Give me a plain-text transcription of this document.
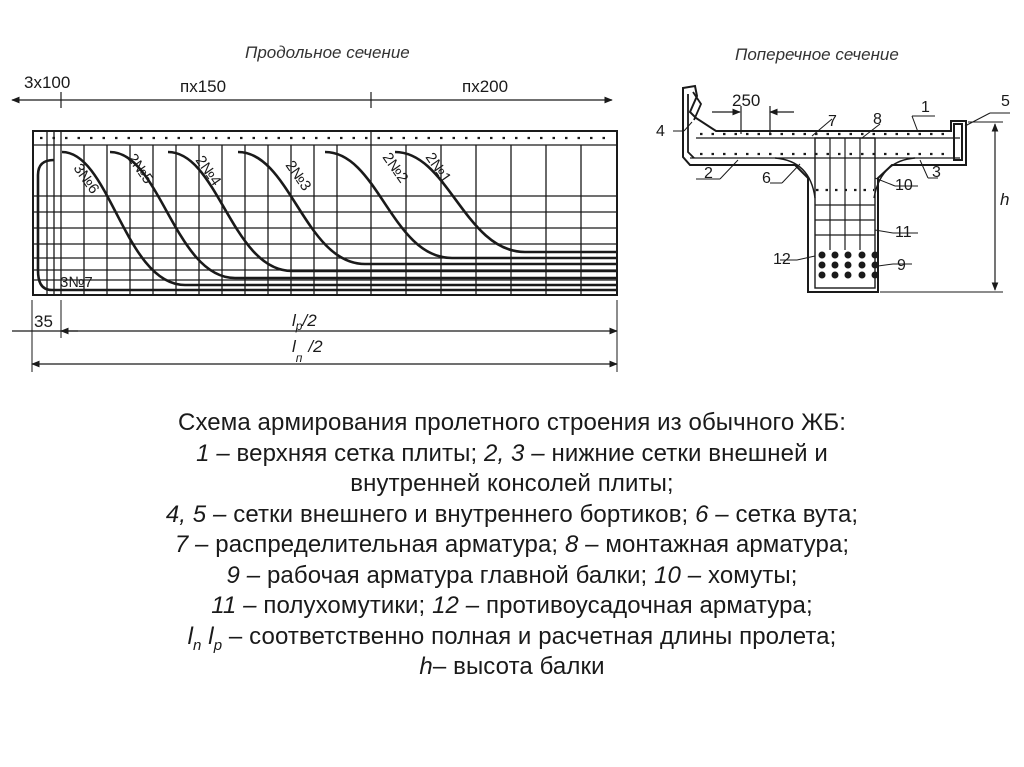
Продольное сечение
3x100	пх150	пх200
3№6 2№5 2№4	2№3	2№2 2№1
3№7
35	$l_p/2$
$l_п/2$
Поперечное сечение
250
h
1
2	3
4
5
6
7 8
9
10
11
12
Схема армирования пролетного строения из обычного ЖБ:
1 – верхняя сетка плиты; 2, 3 – нижние сетки внешней и
внутренней консолей плиты;
4, 5 – сетки внешнего и внутреннего бортиков; 6 – сетка вута;
7 – распределительная арматура; 8 – монтажная арматура;
9 – рабочая арматура главной балки; 10 – хомуты;
11 – полухомутики; 12 – противоусадочная арматура;
$l_n$ $l_p$ – соответственно полная и расчетная длины пролета;
h– высота балки
